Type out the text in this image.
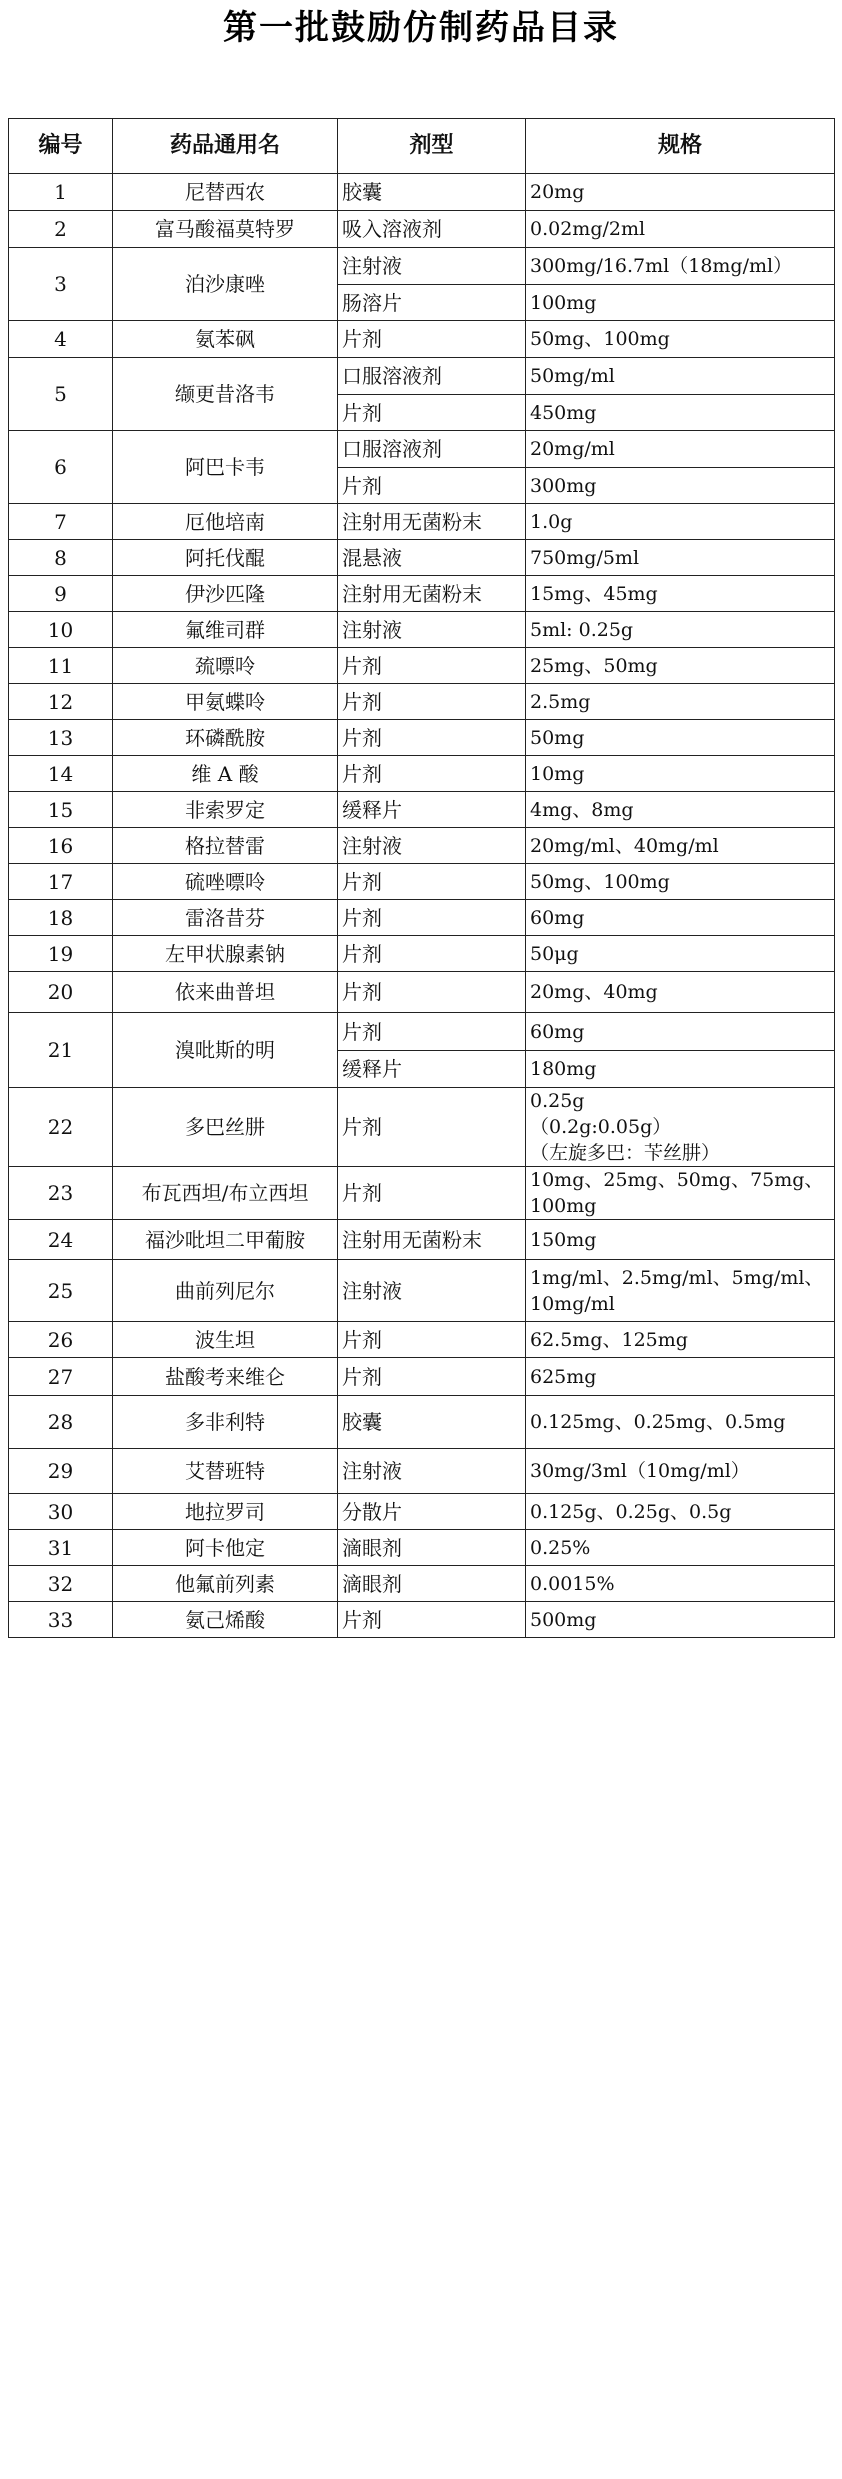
第一批鼓励仿制药品目录
编号	药品通用名	剂型	规格
1	尼替西农	胶囊	20mg
2	富马酸福莫特罗	吸入溶液剂	0.02mg/2ml
3	泊沙康唑	注射液	300mg/16.7ml（18mg/ml）
		肠溶片	100mg
4	氨苯砜	片剂	50mg、100mg
5	缬更昔洛韦	口服溶液剂	50mg/ml
		片剂	450mg
6	阿巴卡韦	口服溶液剂	20mg/ml
		片剂	300mg
7	厄他培南	注射用无菌粉末	1.0g
8	阿托伐醌	混悬液	750mg/5ml
9	伊沙匹隆	注射用无菌粉末	15mg、45mg
10	氟维司群	注射液	5ml: 0.25g
11	巯嘌呤	片剂	25mg、50mg
12	甲氨蝶呤	片剂	2.5mg
13	环磷酰胺	片剂	50mg
14	维 A 酸	片剂	10mg
15	非索罗定	缓释片	4mg、8mg
16	格拉替雷	注射液	20mg/ml、40mg/ml
17	硫唑嘌呤	片剂	50mg、100mg
18	雷洛昔芬	片剂	60mg
19	左甲状腺素钠	片剂	50μg
20	依来曲普坦	片剂	20mg、40mg
21	溴吡斯的明	片剂	60mg
		缓释片	180mg
22	多巴丝肼	片剂	0.25g
（0.2g:0.05g）
（左旋多巴：苄丝肼）
23	布瓦西坦/布立西坦	片剂	10mg、25mg、50mg、75mg、100mg
24	福沙吡坦二甲葡胺	注射用无菌粉末	150mg
25	曲前列尼尔	注射液	1mg/ml、2.5mg/ml、5mg/ml、10mg/ml
26	波生坦	片剂	62.5mg、125mg
27	盐酸考来维仑	片剂	625mg
28	多非利特	胶囊	0.125mg、0.25mg、0.5mg
29	艾替班特	注射液	30mg/3ml（10mg/ml）
30	地拉罗司	分散片	0.125g、0.25g、0.5g
31	阿卡他定	滴眼剂	0.25%
32	他氟前列素	滴眼剂	0.0015%
33	氨己烯酸	片剂	500mg
